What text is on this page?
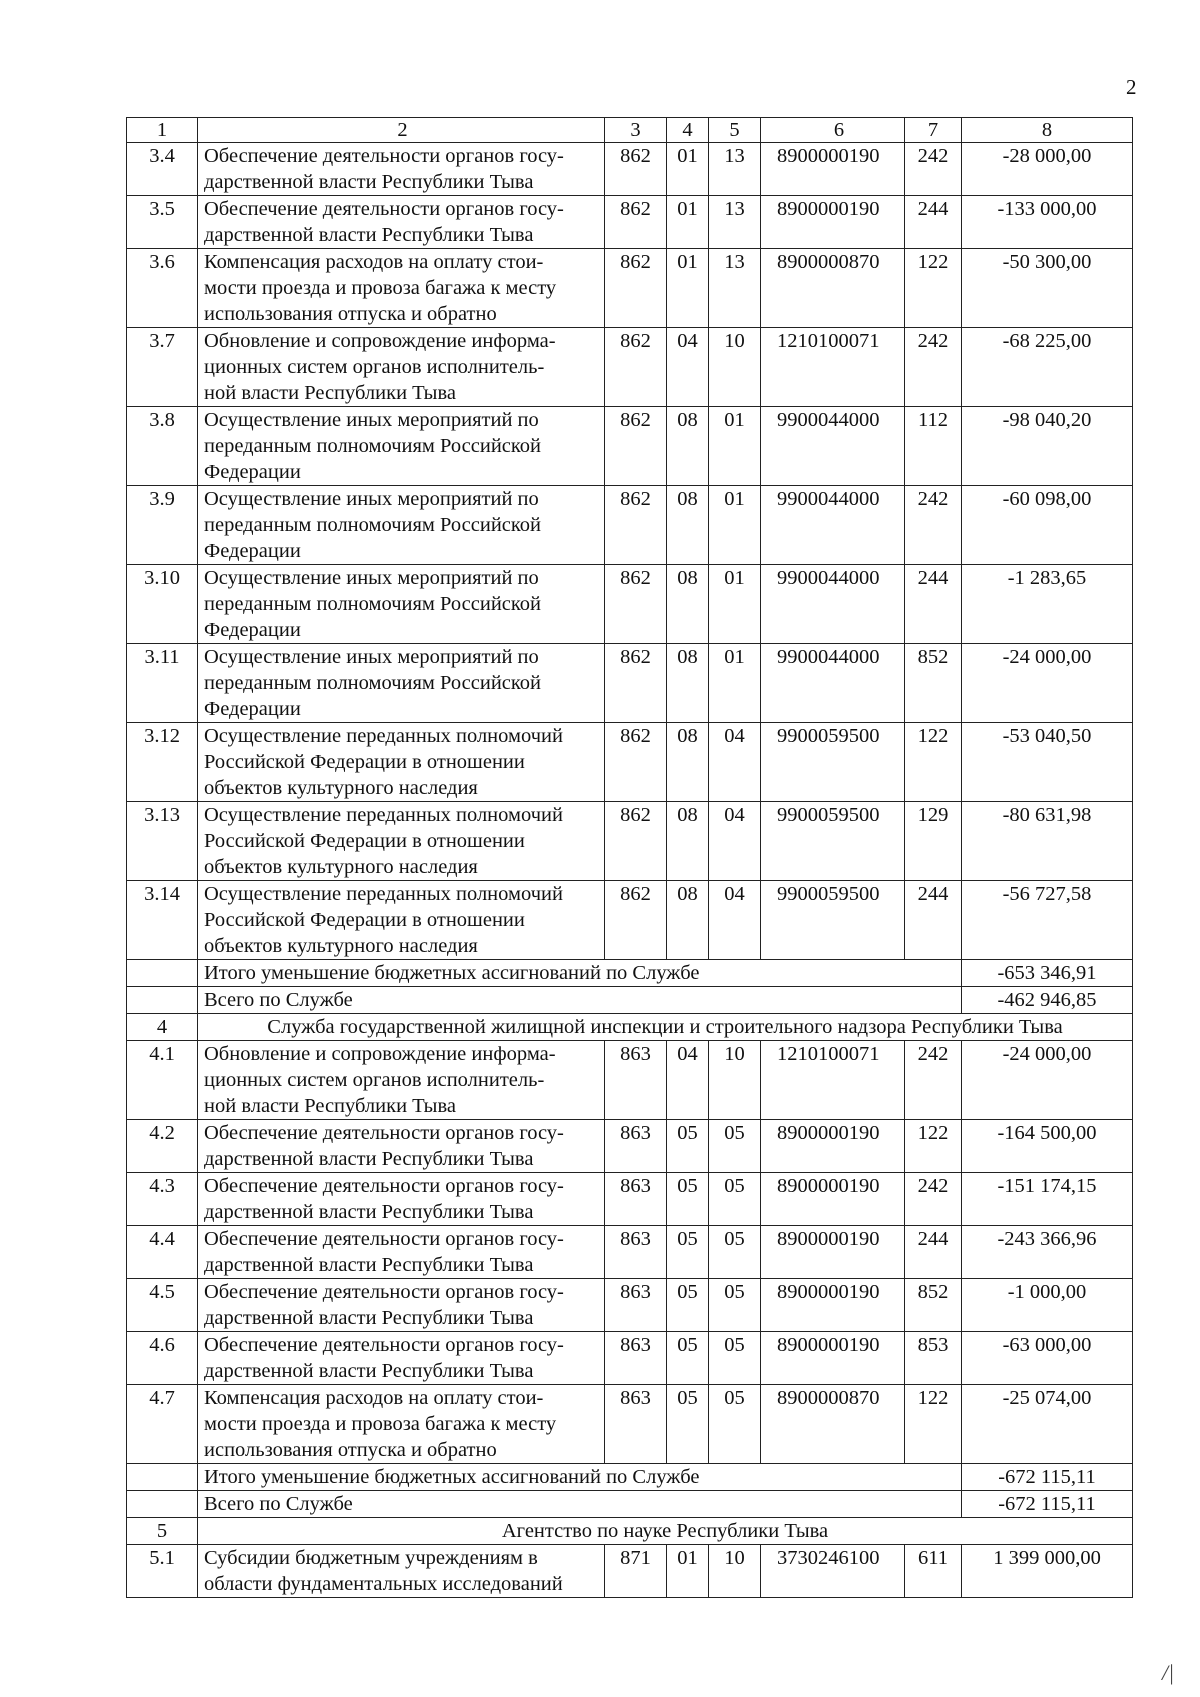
2
1	2	3	4	5	6	7	8
3.4	Обеспечение деятельности органов госу-
дарственной власти Республики Тыва	862	01	13	8900000190	242	-28 000,00
3.5	Обеспечение деятельности органов госу-
дарственной власти Республики Тыва	862	01	13	8900000190	244	-133 000,00
3.6	Компенсация расходов на оплату стои-
мости проезда и провоза багажа к месту
использования отпуска и обратно	862	01	13	8900000870	122	-50 300,00
3.7	Обновление и сопровождение информа-
ционных систем органов исполнитель-
ной власти Республики Тыва	862	04	10	1210100071	242	-68 225,00
3.8	Осуществление иных мероприятий по
переданным полномочиям Российской
Федерации	862	08	01	9900044000	112	-98 040,20
3.9	Осуществление иных мероприятий по
переданным полномочиям Российской
Федерации	862	08	01	9900044000	242	-60 098,00
3.10	Осуществление иных мероприятий по
переданным полномочиям Российской
Федерации	862	08	01	9900044000	244	-1 283,65
3.11	Осуществление иных мероприятий по
переданным полномочиям Российской
Федерации	862	08	01	9900044000	852	-24 000,00
3.12	Осуществление переданных полномочий
Российской Федерации в отношении
объектов культурного наследия	862	08	04	9900059500	122	-53 040,50
3.13	Осуществление переданных полномочий
Российской Федерации в отношении
объектов культурного наследия	862	08	04	9900059500	129	-80 631,98
3.14	Осуществление переданных полномочий
Российской Федерации в отношении
объектов культурного наследия	862	08	04	9900059500	244	-56 727,58
	Итого уменьшение бюджетных ассигнований по Службе						-653 346,91
	Всего по Службе						-462 946,85
4	Служба государственной жилищной инспекции и строительного надзора Республики Тыва						
4.1	Обновление и сопровождение информа-
ционных систем органов исполнитель-
ной власти Республики Тыва	863	04	10	1210100071	242	-24 000,00
4.2	Обеспечение деятельности органов госу-
дарственной власти Республики Тыва	863	05	05	8900000190	122	-164 500,00
4.3	Обеспечение деятельности органов госу-
дарственной власти Республики Тыва	863	05	05	8900000190	242	-151 174,15
4.4	Обеспечение деятельности органов госу-
дарственной власти Республики Тыва	863	05	05	8900000190	244	-243 366,96
4.5	Обеспечение деятельности органов госу-
дарственной власти Республики Тыва	863	05	05	8900000190	852	-1 000,00
4.6	Обеспечение деятельности органов госу-
дарственной власти Республики Тыва	863	05	05	8900000190	853	-63 000,00
4.7	Компенсация расходов на оплату стои-
мости проезда и провоза багажа к месту
использования отпуска и обратно	863	05	05	8900000870	122	-25 074,00
	Итого уменьшение бюджетных ассигнований по Службе						-672 115,11
	Всего по Службе						-672 115,11
5	Агентство по науке Республики Тыва						
5.1	Субсидии бюджетным учреждениям в
области фундаментальных исследований	871	01	10	3730246100	611	1 399 000,00
/|
